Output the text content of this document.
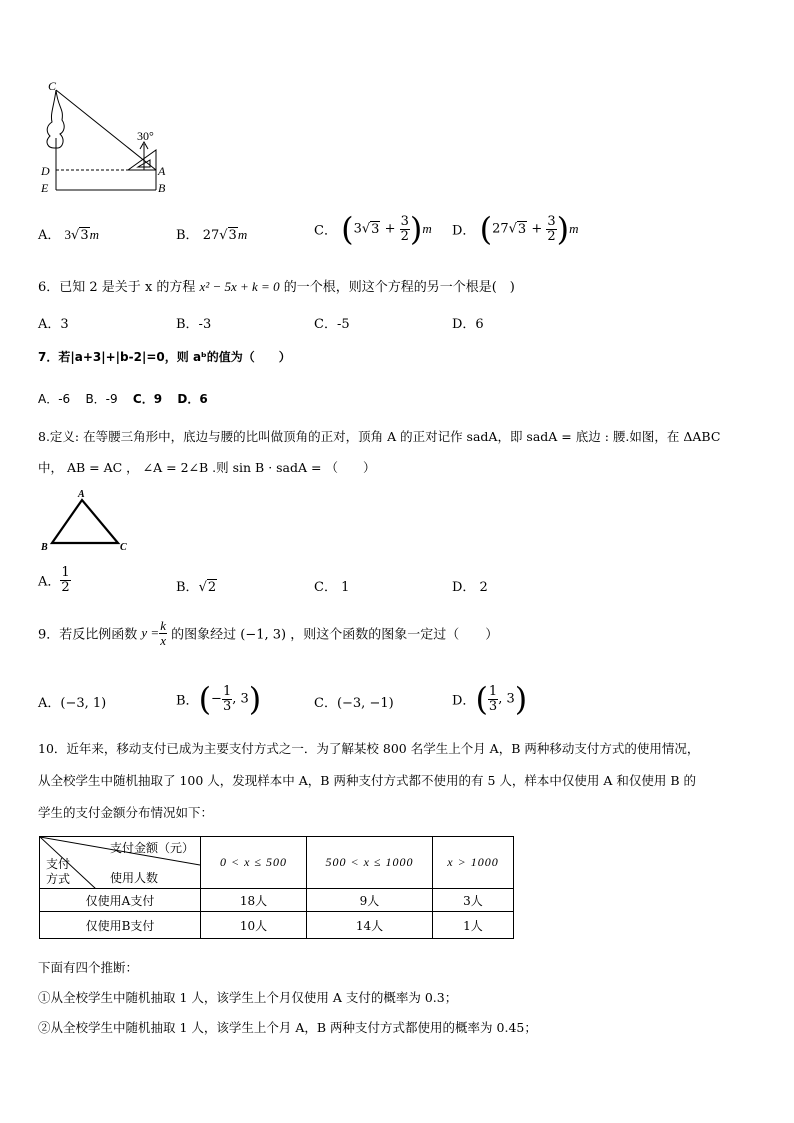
30°
C
D
E
A
B
A． 3√3m	B． 27√3m	C． $(3√3 + \frac{3}{2} )m$ D． $(27√3 + \frac{3}{2} )m$
6．已知 2 是关于 x 的方程 x² − 5x + k = 0 的一个根，则这个方程的另一个根是(　)
A．3	B．-3	C．-5	D．6
7．若|a+3|+|b-2|=0，则 aᵇ的值为（　　）
A．-6 B．-9 C．9 D．6
8.定义: 在等腰三角形中，底边与腰的比叫做顶角的正对，顶角 A 的正对记作 sadA，即 sadA = 底边 : 腰.如图，在 ΔABC
中， AB = AC ， ∠A = 2∠B .则 sin B · sadA = （　　）
A
B	C
A． $\frac{1}{2}$	B．√2	C． 1	D． 2
9．若反比例函数 $y = \frac{k}{x}$ 的图象经过 (−1, 3) ，则这个函数的图象一定过（　　）
A．(−3, 1)	B．(− $\frac{1}{3}$ , 3)	C．(−3, −1)	D．( $\frac{1}{3}$ , 3)
10．近年来，移动支付已成为主要支付方式之一．为了解某校 800 名学生上个月 A，B 两种移动支付方式的使用情况，
从全校学生中随机抽取了 100 人，发现样本中 A，B 两种支付方式都不使用的有 5 人，样本中仅使用 A 和仅使用 B 的
学生的支付金额分布情况如下：
支付金额（元）
使用人数
支付
方式	0 < x ≤ 500	500 < x ≤ 1000	x > 1000
仅使用A支付	18人	9人	3人
仅使用B支付	10人	14人	1人
下面有四个推断：
①从全校学生中随机抽取 1 人，该学生上个月仅使用 A 支付的概率为 0.3；
②从全校学生中随机抽取 1 人，该学生上个月 A，B 两种支付方式都使用的概率为 0.45；
